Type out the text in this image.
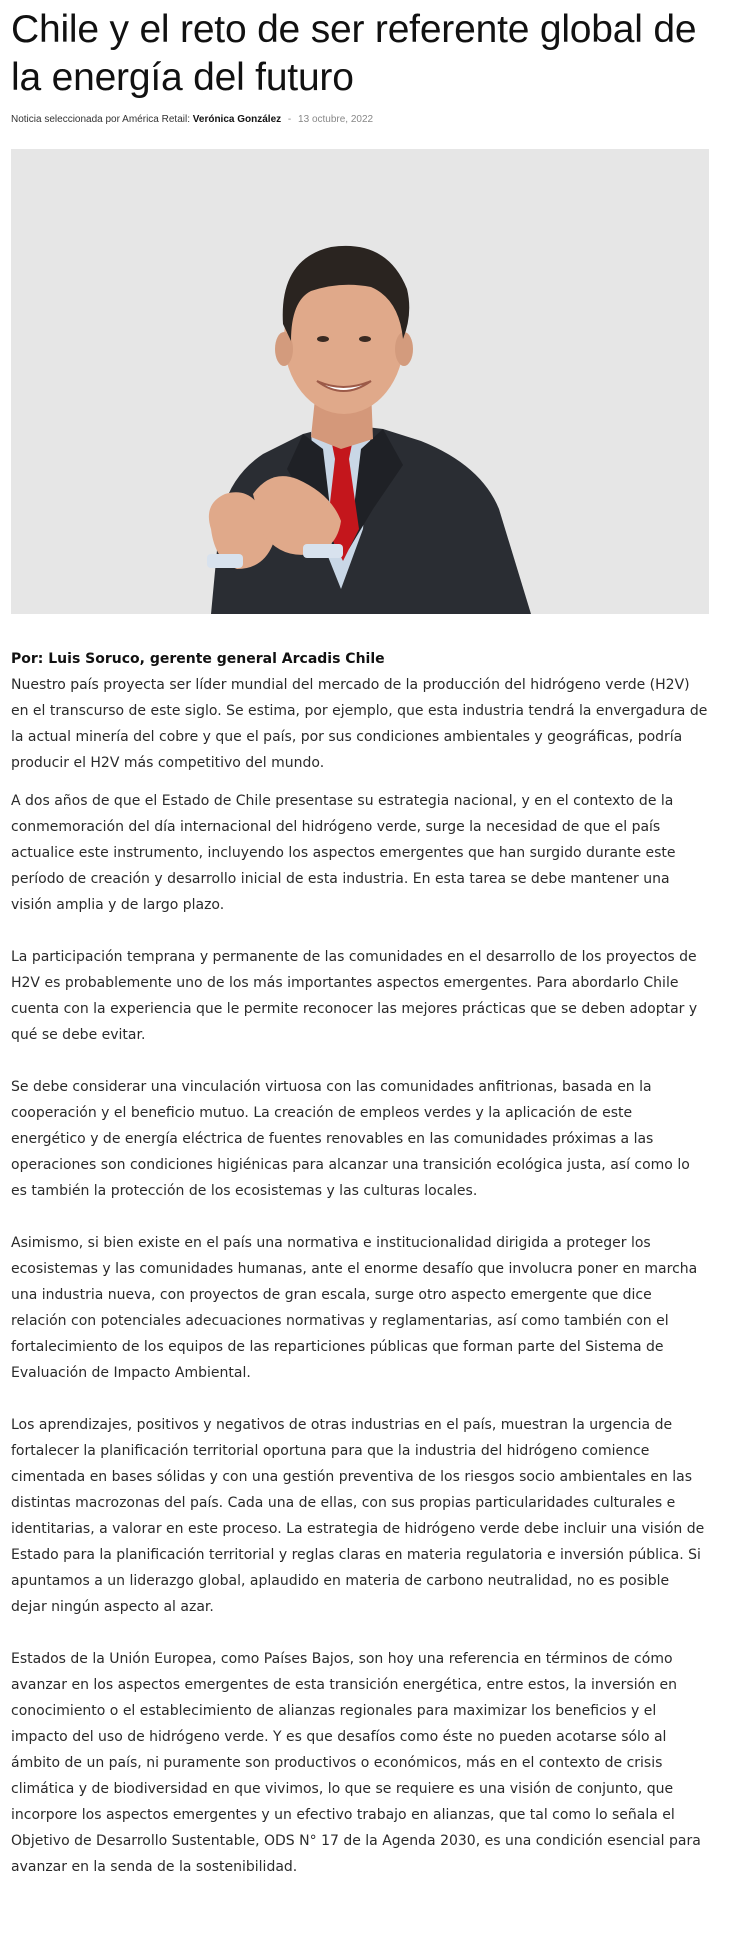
Chile y el reto de ser referente global de la energía del futuro
Noticia seleccionada por América Retail: Verónica González - 13 octubre, 2022

Por: Luis Soruco, gerente general Arcadis Chile

Nuestro país proyecta ser líder mundial del mercado de la producción del hidrógeno verde (H2V) en el transcurso de este siglo. Se estima, por ejemplo, que esta industria tendrá la envergadura de la actual minería del cobre y que el país, por sus condiciones ambientales y geográficas, podría producir el H2V más competitivo del mundo.

A dos años de que el Estado de Chile presentase su estrategia nacional, y en el contexto de la conmemoración del día internacional del hidrógeno verde, surge la necesidad de que el país actualice este instrumento, incluyendo los aspectos emergentes que han surgido durante este período de creación y desarrollo inicial de esta industria. En esta tarea se debe mantener una visión amplia y de largo plazo.

La participación temprana y permanente de las comunidades en el desarrollo de los proyectos de H2V es probablemente uno de los más importantes aspectos emergentes. Para abordarlo Chile cuenta con la experiencia que le permite reconocer las mejores prácticas que se deben adoptar y qué se debe evitar.

Se debe considerar una vinculación virtuosa con las comunidades anfitrionas, basada en la cooperación y el beneficio mutuo. La creación de empleos verdes y la aplicación de este energético y de energía eléctrica de fuentes renovables en las comunidades próximas a las operaciones son condiciones higiénicas para alcanzar una transición ecológica justa, así como lo es también la protección de los ecosistemas y las culturas locales.

Asimismo, si bien existe en el país una normativa e institucionalidad dirigida a proteger los ecosistemas y las comunidades humanas, ante el enorme desafío que involucra poner en marcha una industria nueva, con proyectos de gran escala, surge otro aspecto emergente que dice relación con potenciales adecuaciones normativas y reglamentarias, así como también con el fortalecimiento de los equipos de las reparticiones públicas que forman parte del Sistema de Evaluación de Impacto Ambiental.

Los aprendizajes, positivos y negativos de otras industrias en el país, muestran la urgencia de fortalecer la planificación territorial oportuna para que la industria del hidrógeno comience cimentada en bases sólidas y con una gestión preventiva de los riesgos socio ambientales en las distintas macrozonas del país. Cada una de ellas, con sus propias particularidades culturales e identitarias, a valorar en este proceso. La estrategia de hidrógeno verde debe incluir una visión de Estado para la planificación territorial y reglas claras en materia regulatoria e inversión pública. Si apuntamos a un liderazgo global, aplaudido en materia de carbono neutralidad, no es posible dejar ningún aspecto al azar.

Estados de la Unión Europea, como Países Bajos, son hoy una referencia en términos de cómo avanzar en los aspectos emergentes de esta transición energética, entre estos, la inversión en conocimiento o el establecimiento de alianzas regionales para maximizar los beneficios y el impacto del uso de hidrógeno verde. Y es que desafíos como éste no pueden acotarse sólo al ámbito de un país, ni puramente son productivos o económicos, más en el contexto de crisis climática y de biodiversidad en que vivimos, lo que se requiere es una visión de conjunto, que incorpore los aspectos emergentes y un efectivo trabajo en alianzas, que tal como lo señala el Objetivo de Desarrollo Sustentable, ODS N° 17 de la Agenda 2030, es una condición esencial para avanzar en la senda de la sostenibilidad.
